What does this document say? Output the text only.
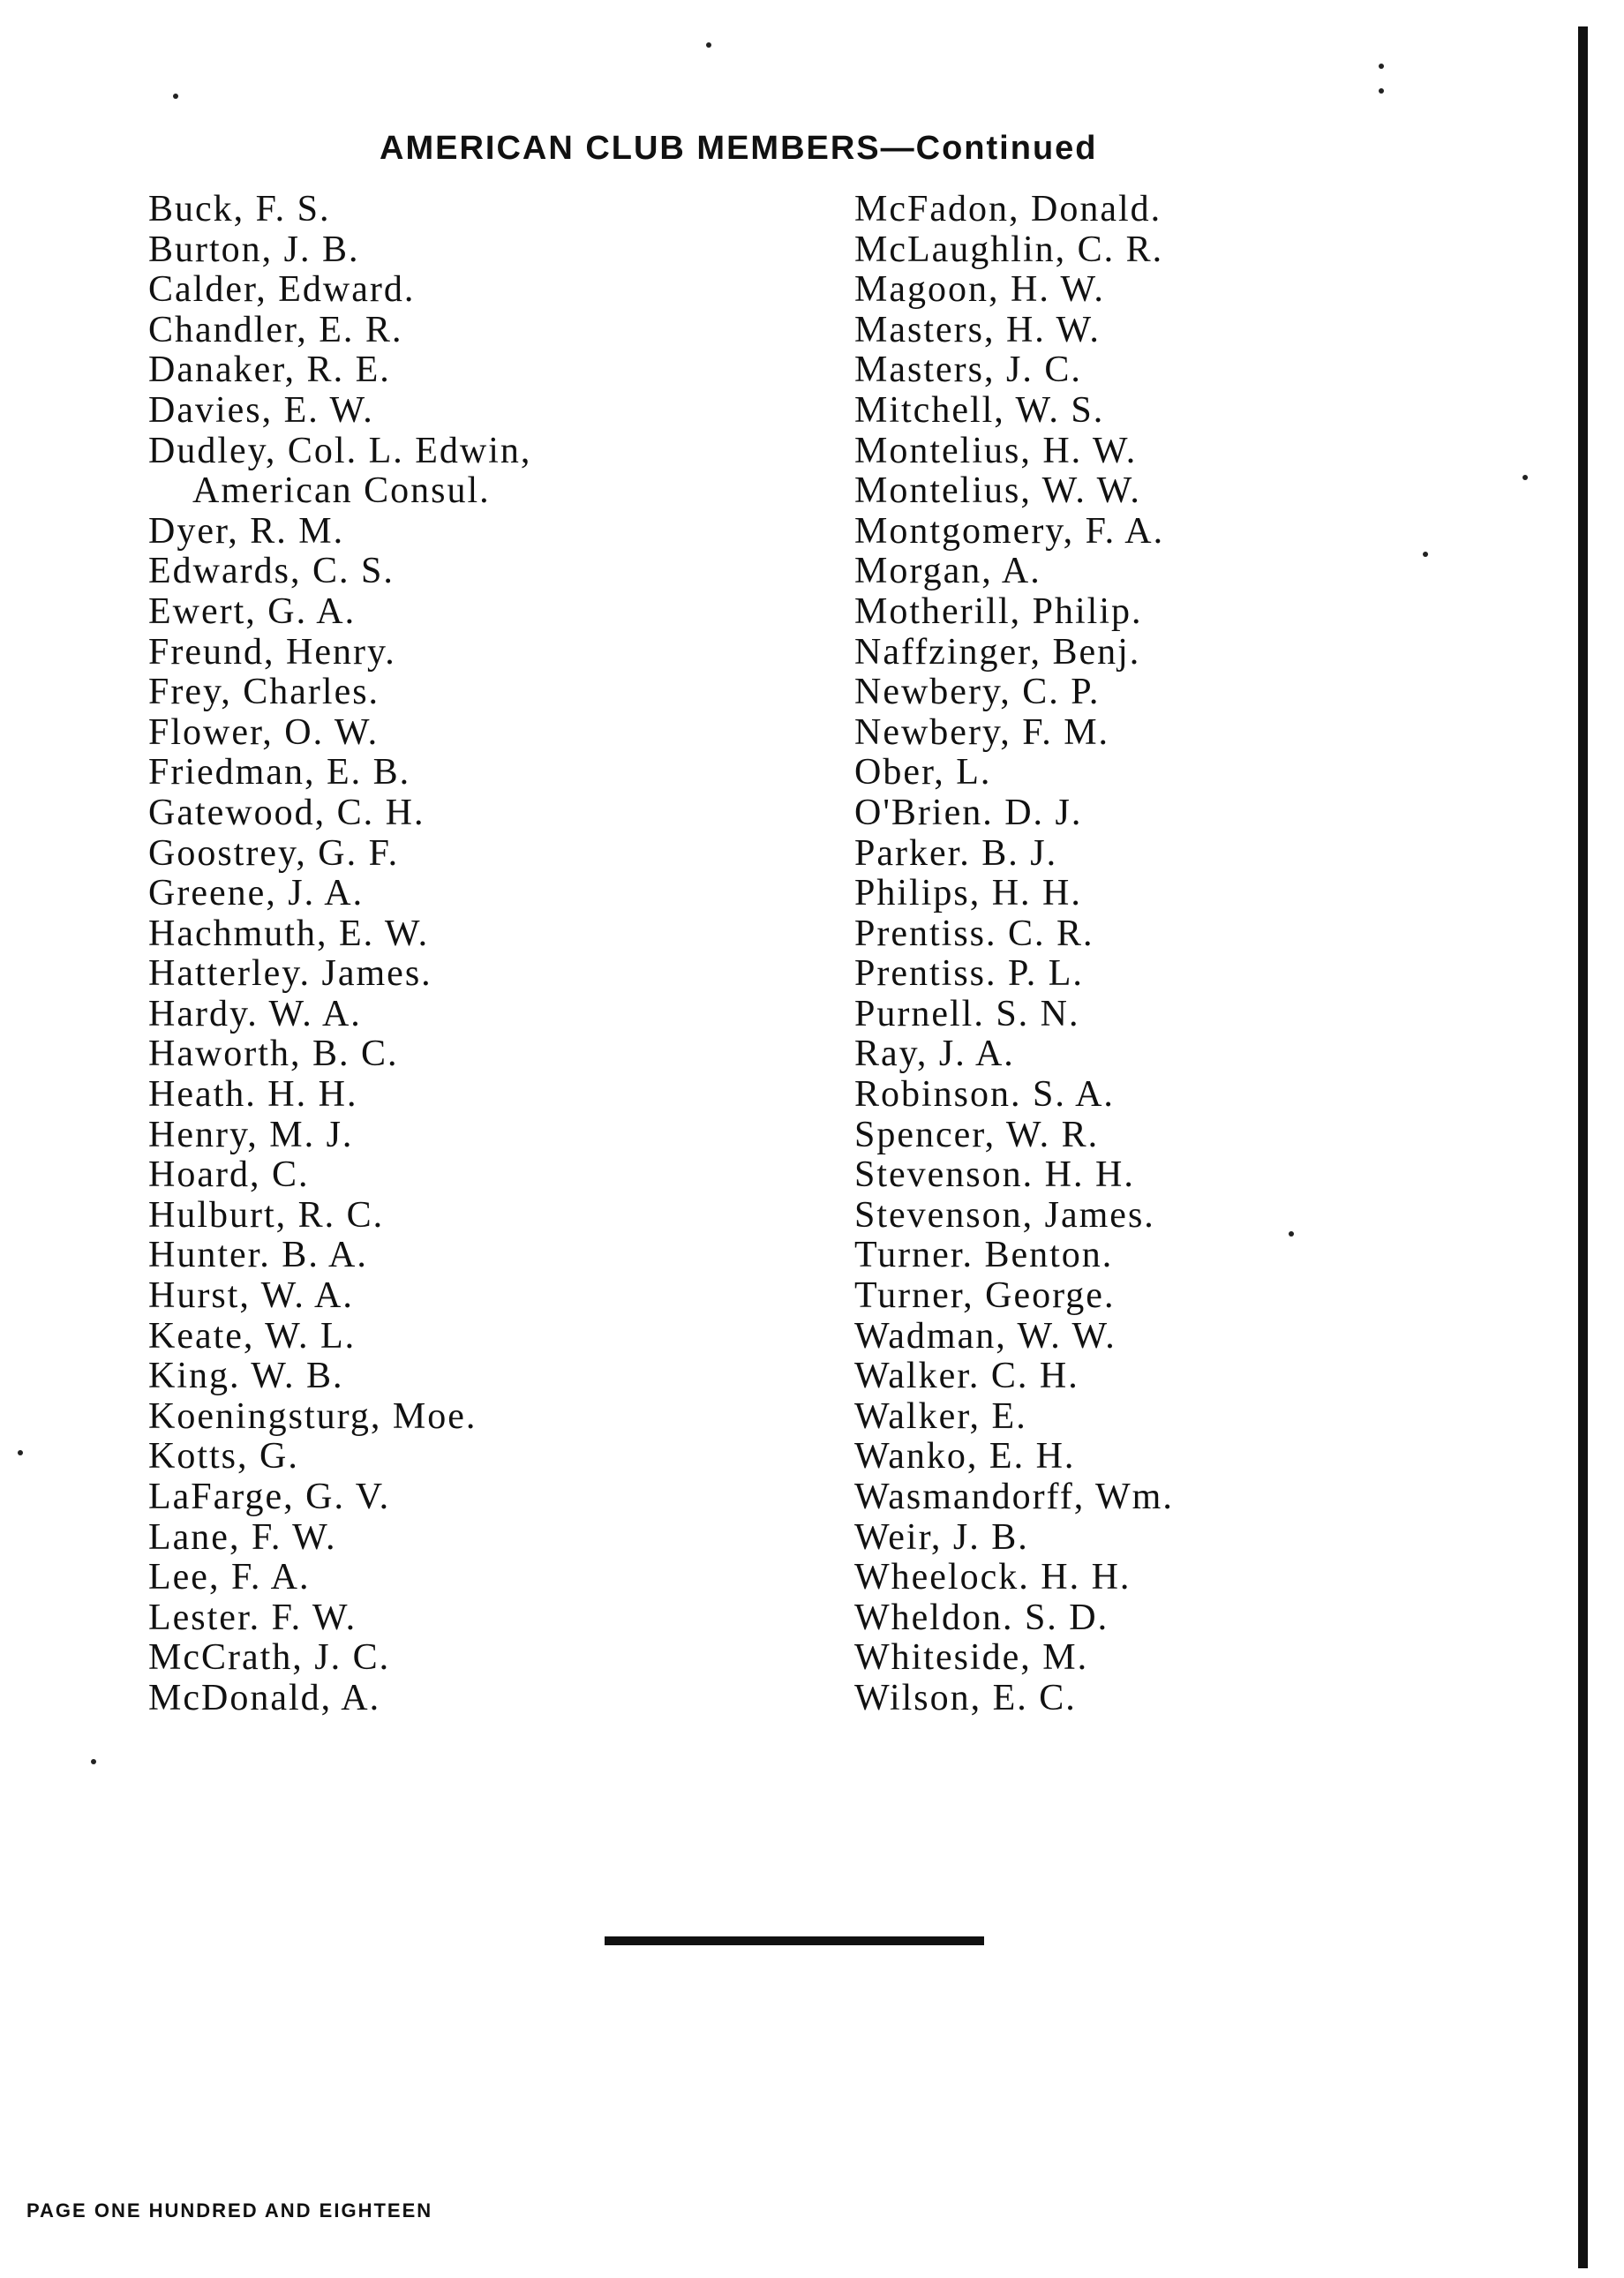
AMERICAN CLUB MEMBERS—Continued
Buck, F. S.
Burton, J. B.
Calder, Edward.
Chandler, E. R.
Danaker, R. E.
Davies, E. W.
Dudley, Col. L. Edwin,
American Consul.
Dyer, R. M.
Edwards, C. S.
Ewert, G. A.
Freund, Henry.
Frey, Charles.
Flower, O. W.
Friedman, E. B.
Gatewood, C. H.
Goostrey, G. F.
Greene, J. A.
Hachmuth, E. W.
Hatterley. James.
Hardy. W. A.
Haworth, B. C.
Heath. H. H.
Henry, M. J.
Hoard, C.
Hulburt, R. C.
Hunter. B. A.
Hurst, W. A.
Keate, W. L.
King. W. B.
Koeningsturg, Moe.
Kotts, G.
LaFarge, G. V.
Lane, F. W.
Lee, F. A.
Lester. F. W.
McCrath, J. C.
McDonald, A.
McFadon, Donald.
McLaughlin, C. R.
Magoon, H. W.
Masters, H. W.
Masters, J. C.
Mitchell, W. S.
Montelius, H. W.
Montelius, W. W.
Montgomery, F. A.
Morgan, A.
Motherill, Philip.
Naffzinger, Benj.
Newbery, C. P.
Newbery, F. M.
Ober, L.
O'Brien. D. J.
Parker. B. J.
Philips, H. H.
Prentiss. C. R.
Prentiss. P. L.
Purnell. S. N.
Ray, J. A.
Robinson. S. A.
Spencer, W. R.
Stevenson. H. H.
Stevenson, James.
Turner. Benton.
Turner, George.
Wadman, W. W.
Walker. C. H.
Walker, E.
Wanko, E. H.
Wasmandorff, Wm.
Weir, J. B.
Wheelock. H. H.
Wheldon. S. D.
Whiteside, M.
Wilson, E. C.
PAGE ONE HUNDRED AND EIGHTEEN
